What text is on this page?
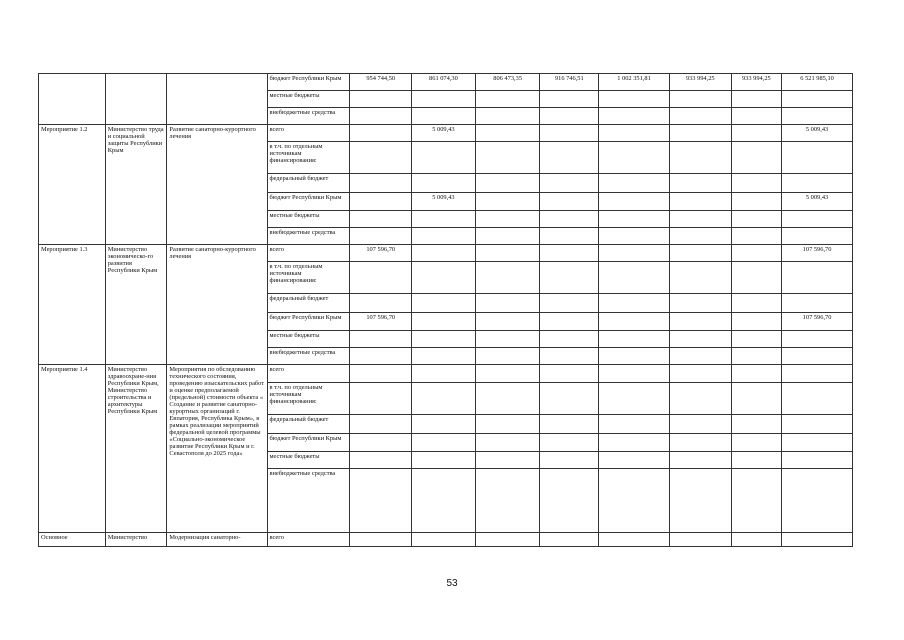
			бюджет Республики Крым	954 744,50	861 074,30	806 473,35	916 746,51	1 002 351,81	933 994,25	933 994,25	6 521 985,10
			местные бюджеты								
			внебюджетные средства								
Мероприятие 1.2	Министерство труда и социальной защиты Республики Крым	Развитие санаторно-курортного лечения	всего		5 009,43						5 009,43
			в т.ч. по отдельным источникам финансирования:								
			федеральный бюджет								
			бюджет Республики Крым		5 009,43						5 009,43
			местные бюджеты								
			внебюджетные средства								
Мероприятие 1.3	Министерство экономическо-го развития Республики Крым	Развитие санаторно-курортного лечения	всего	107 596,70							107 596,70
			в т.ч. по отдельным источникам финансирования:								
			федеральный бюджет								
			бюджет Республики Крым	107 596,70							107 596,70
			местные бюджеты								
			внебюджетные средства								
Мероприятие 1.4	Министерство здравоохране-ния Республики Крым, Министерство строительства и архитектуры Республики Крым	Мероприятия по обследованию технического состояния, проведению изыскательских работ и оценке предполагаемой (предельной) стоимости объекта « Создание и развитие санаторно-курортных организаций г. Евпатория, Республика Крым», в рамках реализации мероприятий федеральной целевой программы «Социально-экономическое развитие Республики Крым и г. Севастополя до 2025 года»	всего								
			в т.ч. по отдельным источникам финансирования:								
			федеральный бюджет								
			бюджет Республики Крым								
			местные бюджеты								
			внебюджетные средства								
Основное	Министерство	Модернизация санаторно-	всего								
53
